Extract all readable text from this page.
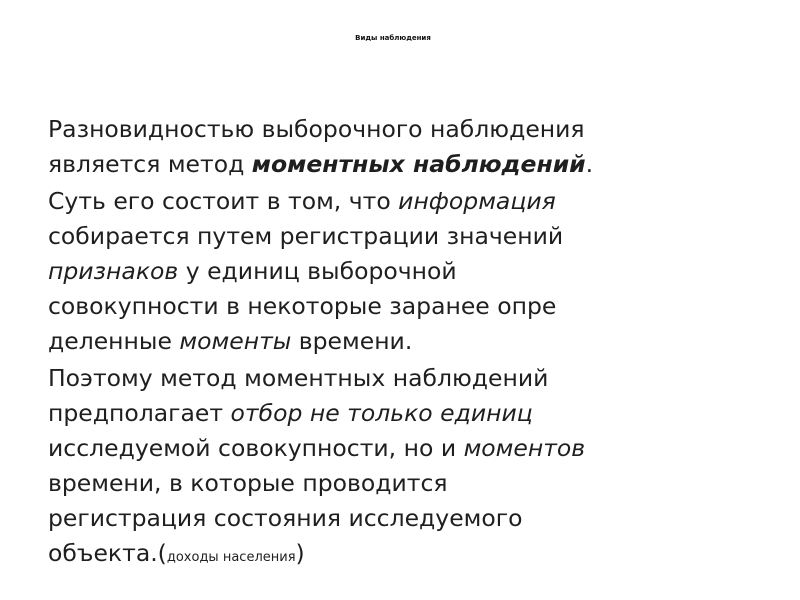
Виды наблюдения

Разновидностью выборочного наблюдения
является метод моментных наблюдений.

Суть его состоит в том, что информация
собирается путем регистрации значений
признаков у единиц выборочной
совокупности в некоторые заранее опре
деленные моменты времени.

Поэтому метод моментных наблюдений
предполагает отбор не только единиц
исследуемой совокупности, но и моментов
времени, в которые проводится
регистрация состояния исследуемого
объекта.(доходы населения)
